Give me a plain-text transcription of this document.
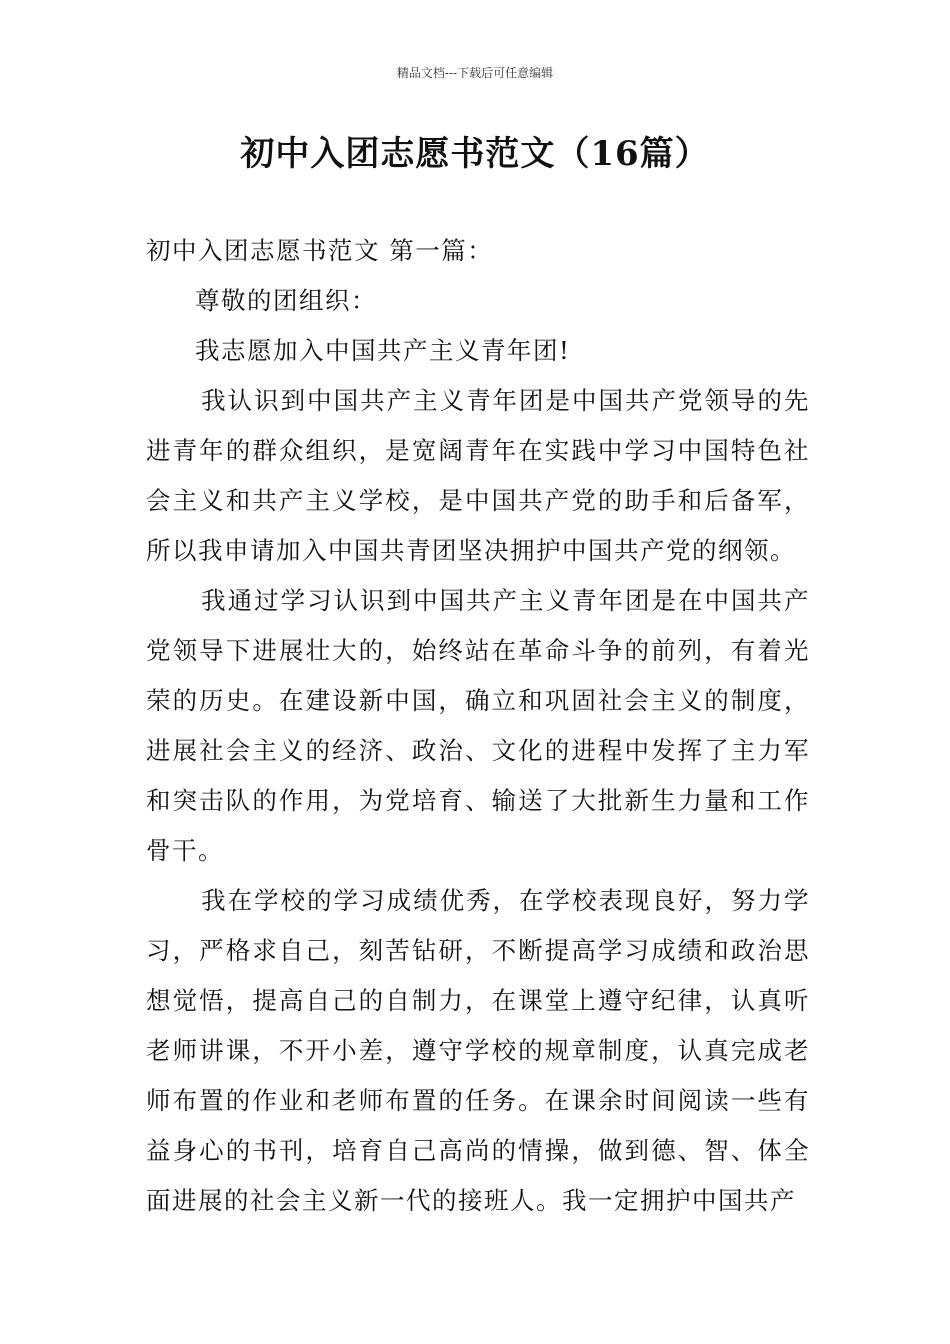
精品文档---下载后可任意编辑
初中入团志愿书范文（16篇）

初中入团志愿书范文 第一篇：

尊敬的团组织：

我志愿加入中国共产主义青年团!

我认识到中国共产主义青年团是中国共产党领导的先进青年的群众组织，是宽阔青年在实践中学习中国特色社会主义和共产主义学校，是中国共产党的助手和后备军，所以我申请加入中国共青团坚决拥护中国共产党的纲领。

我通过学习认识到中国共产主义青年团是在中国共产党领导下进展壮大的，始终站在革命斗争的前列，有着光荣的历史。在建设新中国，确立和巩固社会主义的制度，进展社会主义的经济、政治、文化的进程中发挥了主力军和突击队的作用，为党培育、输送了大批新生力量和工作骨干。

我在学校的学习成绩优秀，在学校表现良好，努力学习，严格求自己，刻苦钻研，不断提高学习成绩和政治思想觉悟，提高自己的自制力，在课堂上遵守纪律，认真听老师讲课，不开小差，遵守学校的规章制度，认真完成老师布置的作业和老师布置的任务。在课余时间阅读一些有益身心的书刊，培育自己高尚的情操，做到德、智、体全面进展的社会主义新一代的接班人。我一定拥护中国共产
